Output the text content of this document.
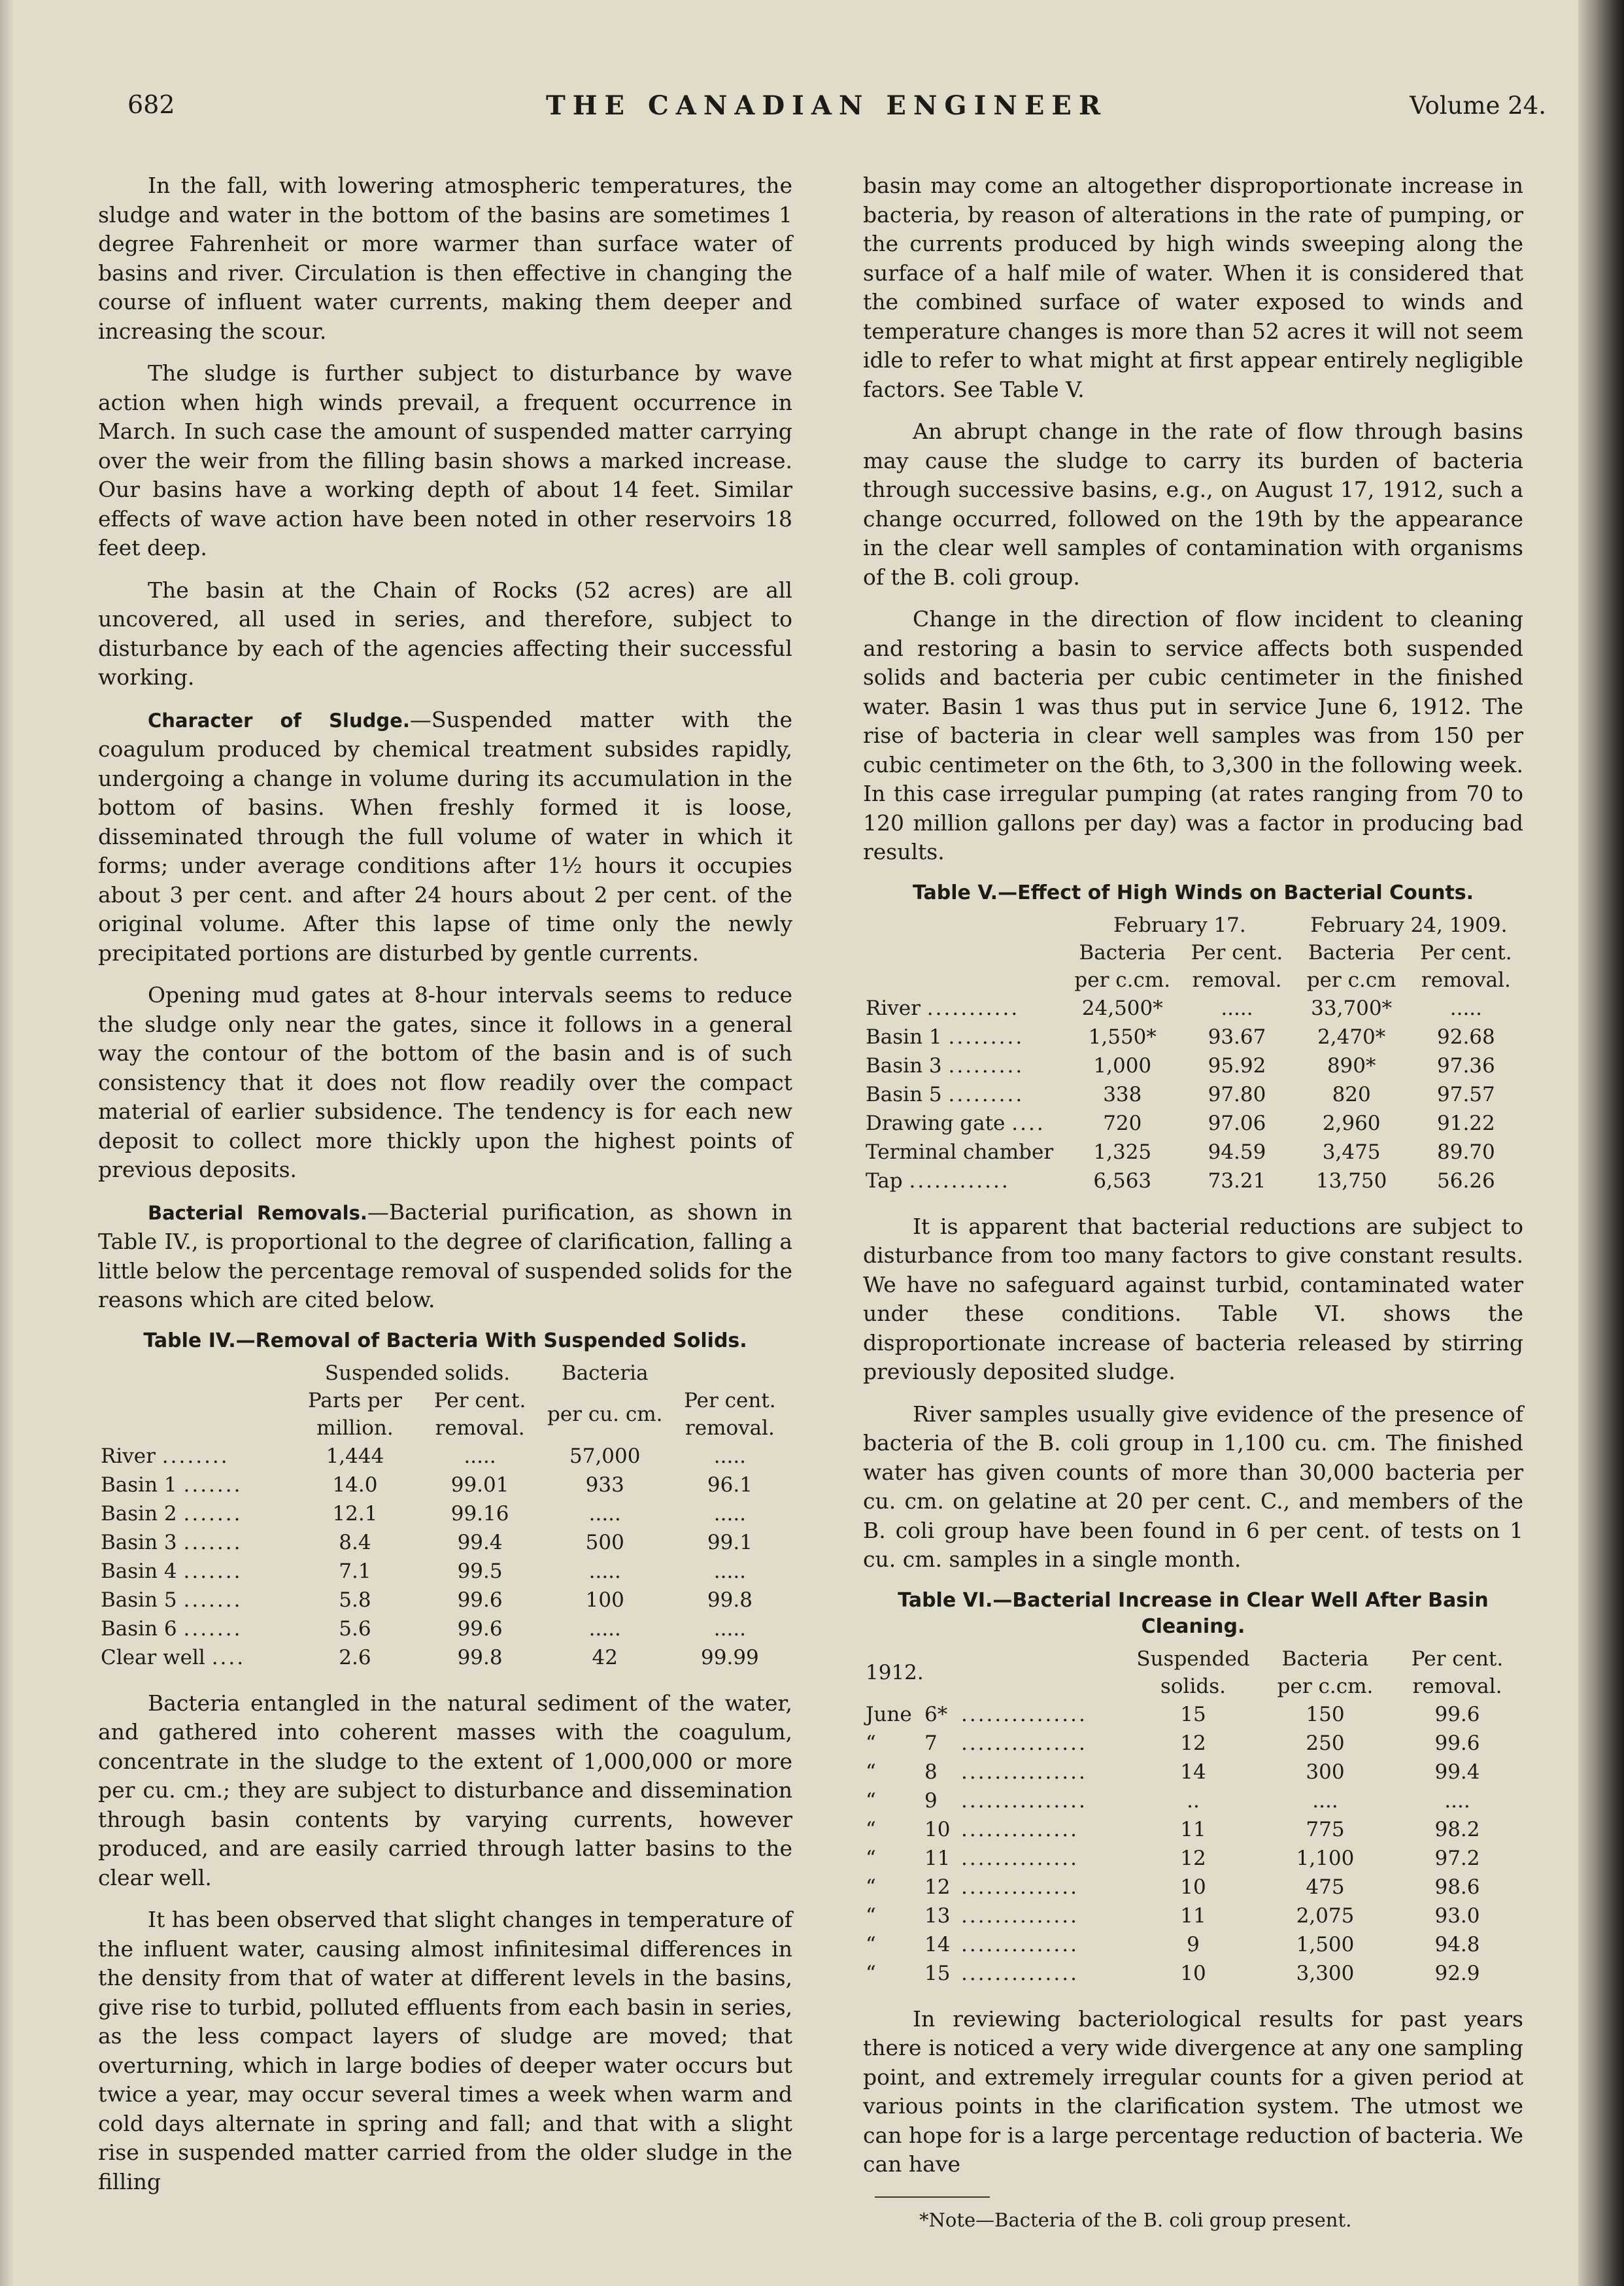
682	THE CANADIAN ENGINEER	Volume 24.

In the fall, with lowering atmospheric temperatures, the sludge and water in the bottom of the basins are sometimes 1 degree Fahrenheit or more warmer than surface water of basins and river. Circulation is then effective in changing the course of influent water currents, making them deeper and increasing the scour.

The sludge is further subject to disturbance by wave action when high winds prevail, a frequent occurrence in March. In such case the amount of suspended matter carrying over the weir from the filling basin shows a marked increase. Our basins have a working depth of about 14 feet. Similar effects of wave action have been noted in other reservoirs 18 feet deep.

The basin at the Chain of Rocks (52 acres) are all uncovered, all used in series, and therefore, subject to disturbance by each of the agencies affecting their successful working.

Character of Sludge.—Suspended matter with the coagulum produced by chemical treatment subsides rapidly, undergoing a change in volume during its accumulation in the bottom of basins. When freshly formed it is loose, disseminated through the full volume of water in which it forms; under average conditions after 1½ hours it occupies about 3 per cent. and after 24 hours about 2 per cent. of the original volume. After this lapse of time only the newly precipitated portions are disturbed by gentle currents.

Opening mud gates at 8-hour intervals seems to reduce the sludge only near the gates, since it follows in a general way the contour of the bottom of the basin and is of such consistency that it does not flow readily over the compact material of earlier subsidence. The tendency is for each new deposit to collect more thickly upon the highest points of previous deposits.

Bacterial Removals.—Bacterial purification, as shown in Table IV., is proportional to the degree of clarification, falling a little below the percentage removal of suspended solids for the reasons which are cited below.

Table IV.—Removal of Bacteria With Suspended Solids.
	Suspended solids.		Bacteria	
	Parts per million.	Per cent. removal.	per cu. cm.	Per cent. removal.
River ........	1,444	.....	57,000	.....
Basin 1 .......	14.0	99.01	933	96.1
Basin 2 .......	12.1	99.16	.....	.....
Basin 3 .......	8.4	99.4	500	99.1
Basin 4 .......	7.1	99.5	.....	.....
Basin 5 .......	5.8	99.6	100	99.8
Basin 6 .......	5.6	99.6	.....	.....
Clear well ....	2.6	99.8	42	99.99

Bacteria entangled in the natural sediment of the water, and gathered into coherent masses with the coagulum, concentrate in the sludge to the extent of 1,000,000 or more per cu. cm.; they are subject to disturbance and dissemination through basin contents by varying currents, however produced, and are easily carried through latter basins to the clear well.

It has been observed that slight changes in temperature of the influent water, causing almost infinitesimal differences in the density from that of water at different levels in the basins, give rise to turbid, polluted effluents from each basin in series, as the less compact layers of sludge are moved; that overturning, which in large bodies of deeper water occurs but twice a year, may occur several times a week when warm and cold days alternate in spring and fall; and that with a slight rise in suspended matter carried from the older sludge in the filling

basin may come an altogether disproportionate increase in bacteria, by reason of alterations in the rate of pumping, or the currents produced by high winds sweeping along the surface of a half mile of water. When it is considered that the combined surface of water exposed to winds and temperature changes is more than 52 acres it will not seem idle to refer to what might at first appear entirely negligible factors. See Table V.

An abrupt change in the rate of flow through basins may cause the sludge to carry its burden of bacteria through successive basins, e.g., on August 17, 1912, such a change occurred, followed on the 19th by the appearance in the clear well samples of contamination with organisms of the B. coli group.

Change in the direction of flow incident to cleaning and restoring a basin to service affects both suspended solids and bacteria per cubic centimeter in the finished water. Basin 1 was thus put in service June 6, 1912. The rise of bacteria in clear well samples was from 150 per cubic centimeter on the 6th, to 3,300 in the following week. In this case irregular pumping (at rates ranging from 70 to 120 million gallons per day) was a factor in producing bad results.

Table V.—Effect of High Winds on Bacterial Counts.
	February 17.		February 24, 1909.	
	Bacteria per c.cm.	Per cent. removal.	Bacteria per c.cm	Per cent. removal.
River ...........	24,500*	.....	33,700*	.....
Basin 1 .........	1,550*	93.67	2,470*	92.68
Basin 3 .........	1,000	95.92	890*	97.36
Basin 5 .........	338	97.80	820	97.57
Drawing gate ....	720	97.06	2,960	91.22
Terminal chamber	1,325	94.59	3,475	89.70
Tap ............	6,563	73.21	13,750	56.26

It is apparent that bacterial reductions are subject to disturbance from too many factors to give constant results. We have no safeguard against turbid, contaminated water under these conditions. Table VI. shows the disproportionate increase of bacteria released by stirring previously deposited sludge.

River samples usually give evidence of the presence of bacteria of the B. coli group in 1,100 cu. cm. The finished water has given counts of more than 30,000 bacteria per cu. cm. on gelatine at 20 per cent. C., and members of the B. coli group have been found in 6 per cent. of tests on 1 cu. cm. samples in a single month.

Table VI.—Bacterial Increase in Clear Well After Basin Cleaning.
1912.	Suspended solids.	Bacteria per c.cm.	Per cent. removal.
June 6* ...............	15	150	99.6
“ 7 ...............	12	250	99.6
“ 8 ...............	14	300	99.4
“ 9 ...............	..	....	....
“ 10 ..............	11	775	98.2
“ 11 ..............	12	1,100	97.2
“ 12 ..............	10	475	98.6
“ 13 ..............	11	2,075	93.0
“ 14 ..............	9	1,500	94.8
“ 15 ..............	10	3,300	92.9

In reviewing bacteriological results for past years there is noticed a very wide divergence at any one sampling point, and extremely irregular counts for a given period at various points in the clarification system. The utmost we can hope for is a large percentage reduction of bacteria. We can have

*Note—Bacteria of the B. coli group present.
